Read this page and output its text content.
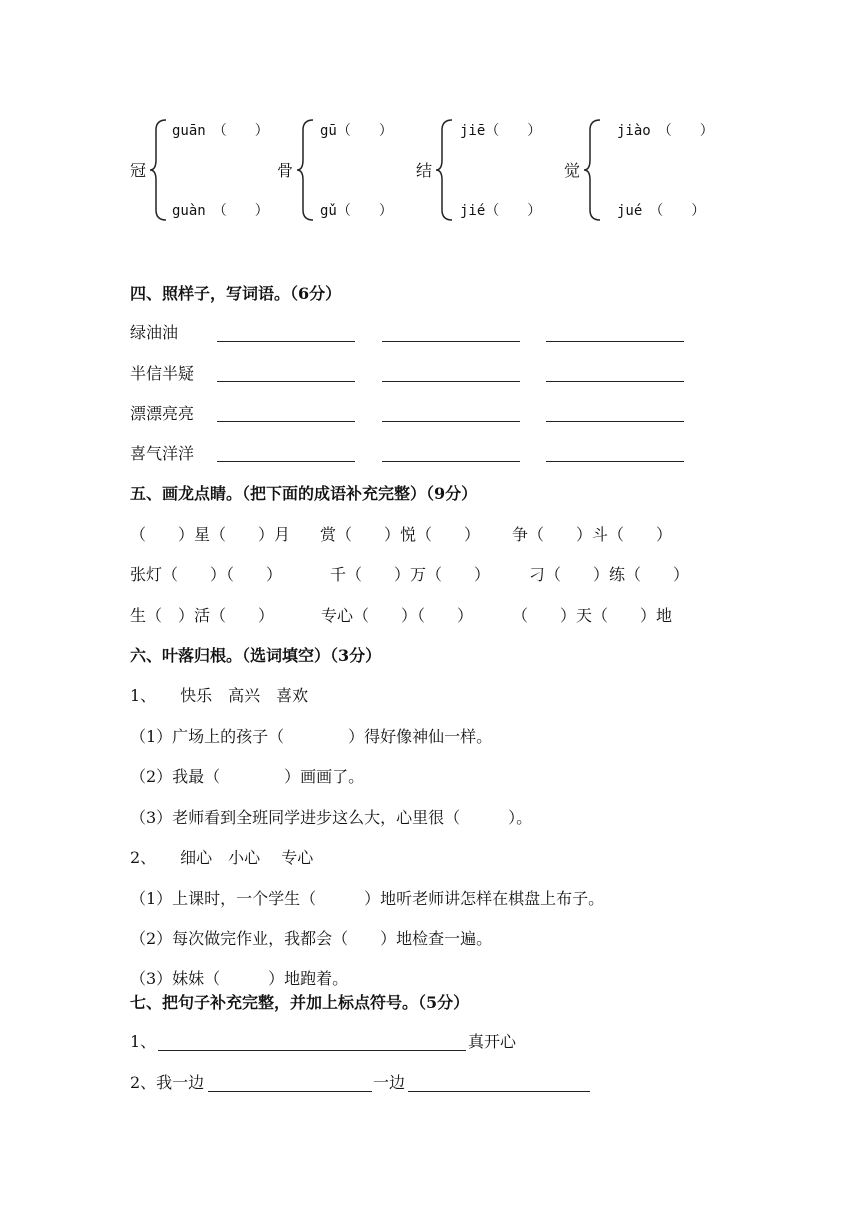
冠
guān　（　　）
guàn　（　　）
骨
gū（　　）
gǔ（　　）
结
jiē（　　）
jié（　　）
觉
jiào　（　　）
jué　（　　）
四、照样子，写词语。（6分）
绿油油
半信半疑
漂漂亮亮
喜气洋洋
五、画龙点睛。（把下面的成语补充完整）（9分）
（　　）星（　　）月 赏（　　）悦（　　） 争（　　）斗（　　）
张灯（　　）（　　）	千（　　）万（　　） 刁（　　）练（　　）
生（　）活（　　）	专心（　　）（　　） （　　）天（　　）地
六、叶落归根。（选词填空）（3分）
1、　　快乐　高兴　喜欢
（1）广场上的孩子（　　　　）得好像神仙一样。
（2）我最（　　　　）画画了。
（3）老师看到全班同学进步这么大，心里很（　　　）。
2、　　细心　小心　 专心
（1）上课时，一个学生（　　　）地听老师讲怎样在棋盘上布子。
（2）每次做完作业，我都会（　　）地检查一遍。
（3）妹妹（　　　）地跑着。
七、把句子补充完整，并加上标点符号。（5分）
1、	真开心
2、我一边	一边
